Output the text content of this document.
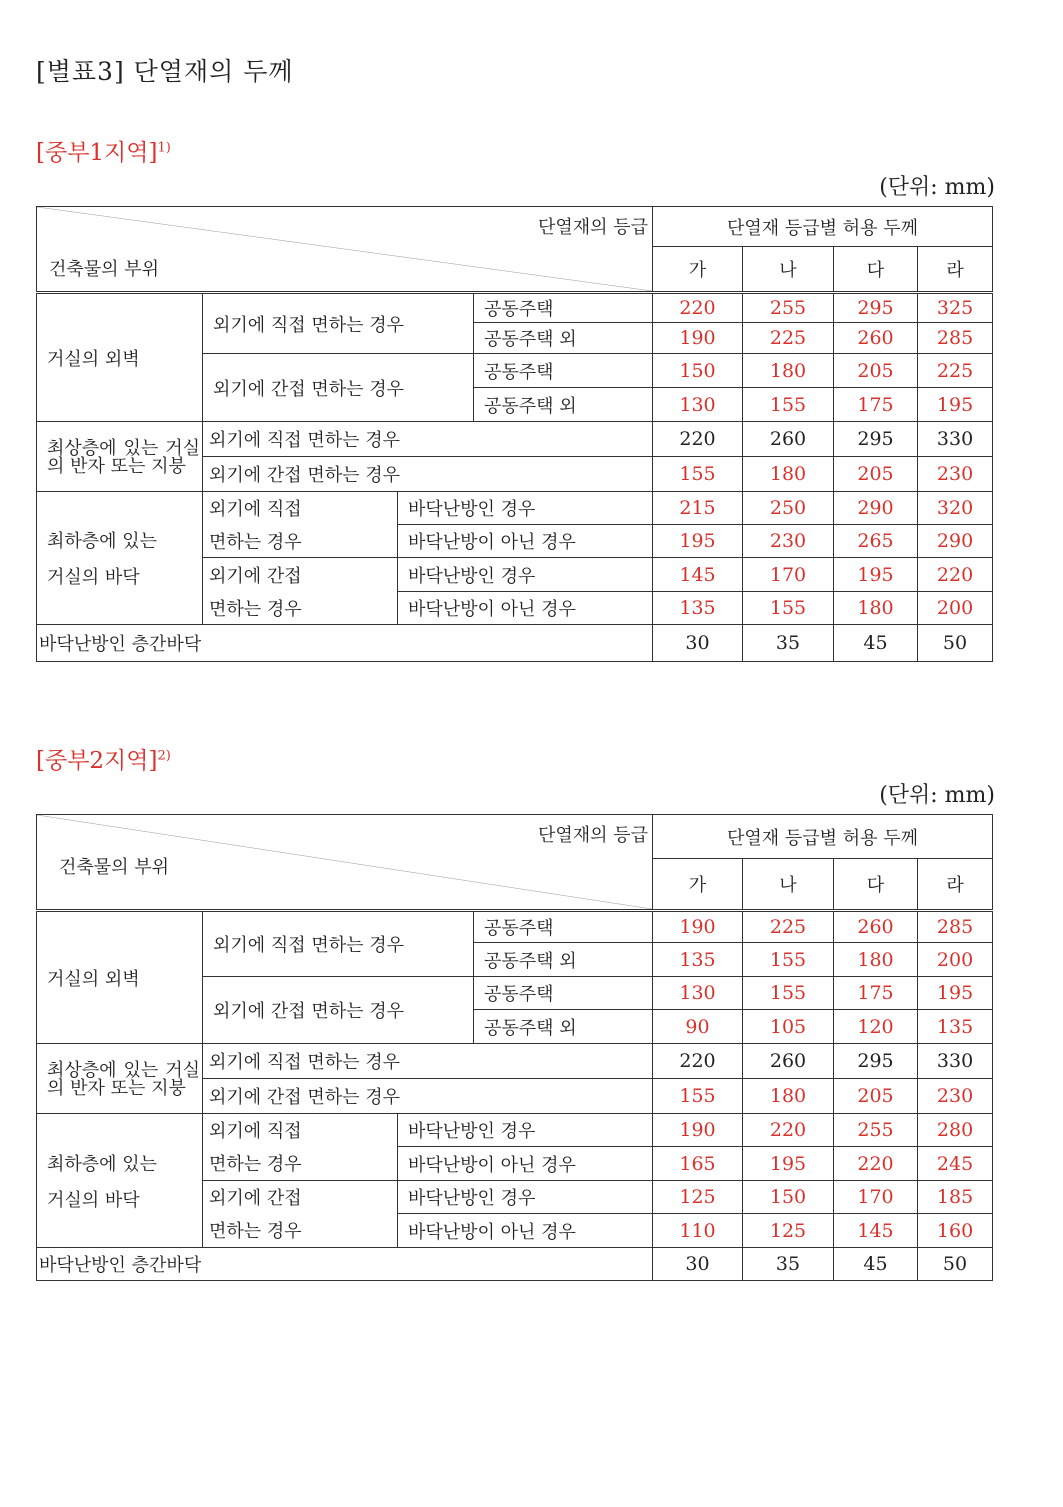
[별표3] 단열재의 두께
[중부1지역]$^{1)}$
(단위: mm)
단열재의 등급
건축물의 부위				단열재 등급별 허용 두께			
				가	나	다	라
거실의 외벽	외기에 직접 면하는 경우		공동주택	220	255	295	325
			공동주택 외	190	225	260	285
	외기에 간접 면하는 경우		공동주택	150	180	205	225
			공동주택 외	130	155	175	195
최상층에 있는 거실의 반자 또는 지붕	외기에 직접 면하는 경우			220	260	295	330
	외기에 간접 면하는 경우			155	180	205	230

최하층에 있는
거실의 바닥	외기에 직접	바닥난방인 경우		215	250	290	320
	면하는 경우	바닥난방이 아닌 경우		195	230	265	290
	외기에 간접	바닥난방인 경우		145	170	195	220
	면하는 경우	바닥난방이 아닌 경우		135	155	180	200
바닥난방인 층간바닥				30	35	45	50
[중부2지역]$^{2)}$
(단위: mm)
단열재의 등급
건축물의 부위				단열재 등급별 허용 두께			
				가	나	다	라
거실의 외벽	외기에 직접 면하는 경우		공동주택	190	225	260	285
			공동주택 외	135	155	180	200
	외기에 간접 면하는 경우		공동주택	130	155	175	195
			공동주택 외	90	105	120	135
최상층에 있는 거실의 반자 또는 지붕	외기에 직접 면하는 경우			220	260	295	330
	외기에 간접 면하는 경우			155	180	205	230

최하층에 있는
거실의 바닥	외기에 직접	바닥난방인 경우		190	220	255	280
	면하는 경우	바닥난방이 아닌 경우		165	195	220	245
	외기에 간접	바닥난방인 경우		125	150	170	185
	면하는 경우	바닥난방이 아닌 경우		110	125	145	160
바닥난방인 층간바닥				30	35	45	50
